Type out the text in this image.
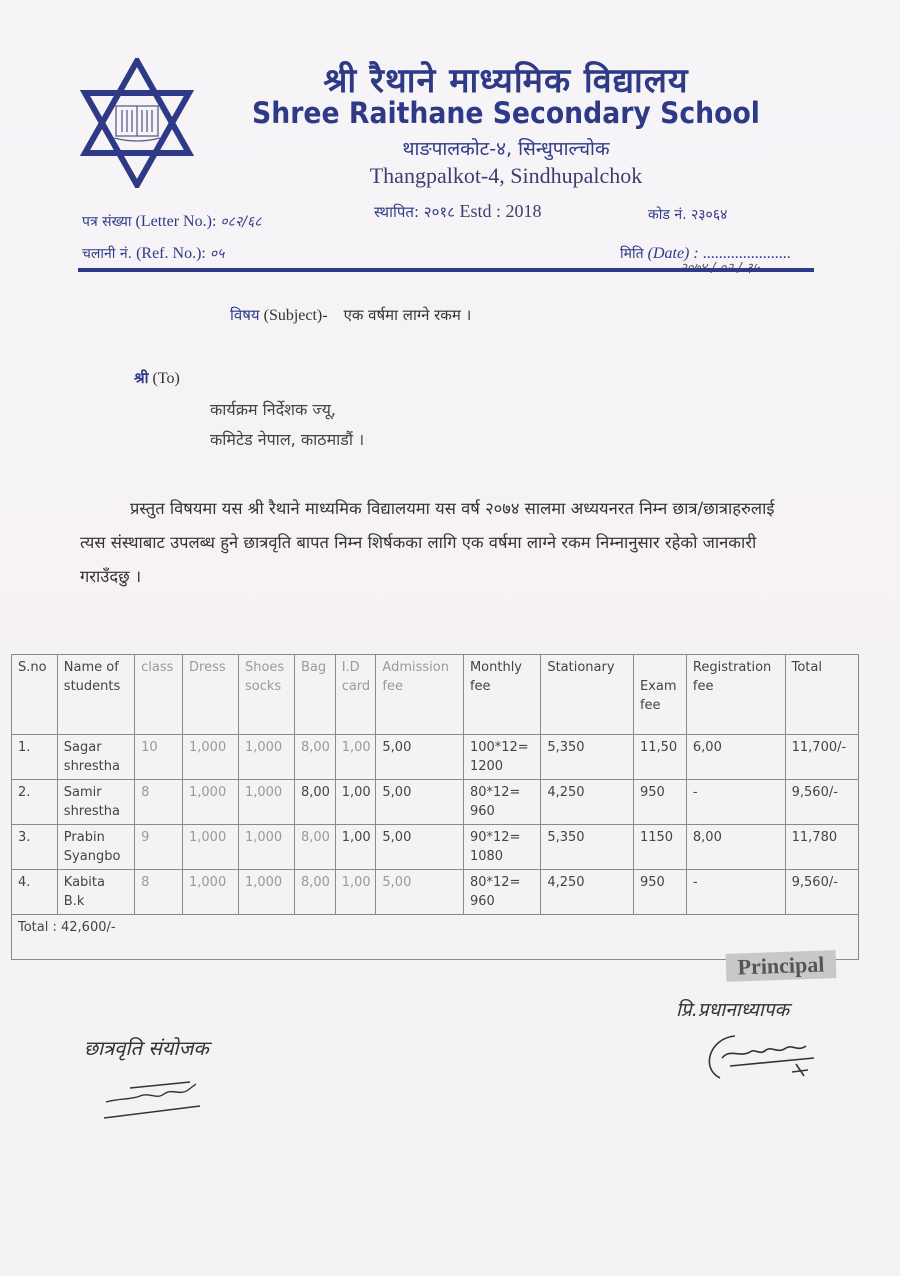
श्री रैथाने माध्यमिक विद्यालय
Shree Raithane Secondary School
थाङपालकोट-४, सिन्धुपाल्चोक
Thangpalkot-4, Sindhupalchok
पत्र संख्या (Letter No.): ०८२/६८
स्थापित: २०१८ Estd : 2018	कोड नं. २३०६४
चलानी नं. (Ref. No.): ०५	मिति (Date) : ......................
विषय (Subject)- एक वर्षमा लाग्ने रकम ।
श्री (To)
कार्यक्रम निर्देशक ज्यू,
कमिटेड नेपाल, काठमाडौं ।
प्रस्तुत विषयमा यस श्री रैथाने माध्यमिक विद्यालयमा यस वर्ष २०७४ सालमा अध्ययनरत निम्न छात्र/छात्राहरुलाई त्यस संस्थाबाट उपलब्ध हुने छात्रवृति बापत निम्न शिर्षकका लागि एक वर्षमा लाग्ने रकम निम्नानुसार रहेको जानकारी गराउँदछु ।
S.no	Name of students	class	Dress	Shoes socks	Bag	I.D card	Admission fee	Monthly fee	Stationary	Exam fee	Registration fee	Total
1.	Sagar shrestha	10	1,000	1,000	8,00	1,00	5,00	100*12= 1200	5,350	11,50	6,00	11,700/-
2.	Samir shrestha	8	1,000	1,000	8,00	1,00	5,00	80*12= 960	4,250	950	-	9,560/-
3.	Prabin Syangbo	9	1,000	1,000	8,00	1,00	5,00	90*12= 1080	5,350	1150	8,00	11,780
4.	Kabita B.k	8	1,000	1,000	8,00	1,00	5,00	80*12= 960	4,250	950	-	9,560/-
Total : 42,600/-												
Principal
प्रि.प्रधानाध्यापक
छात्रवृति संयोजक
